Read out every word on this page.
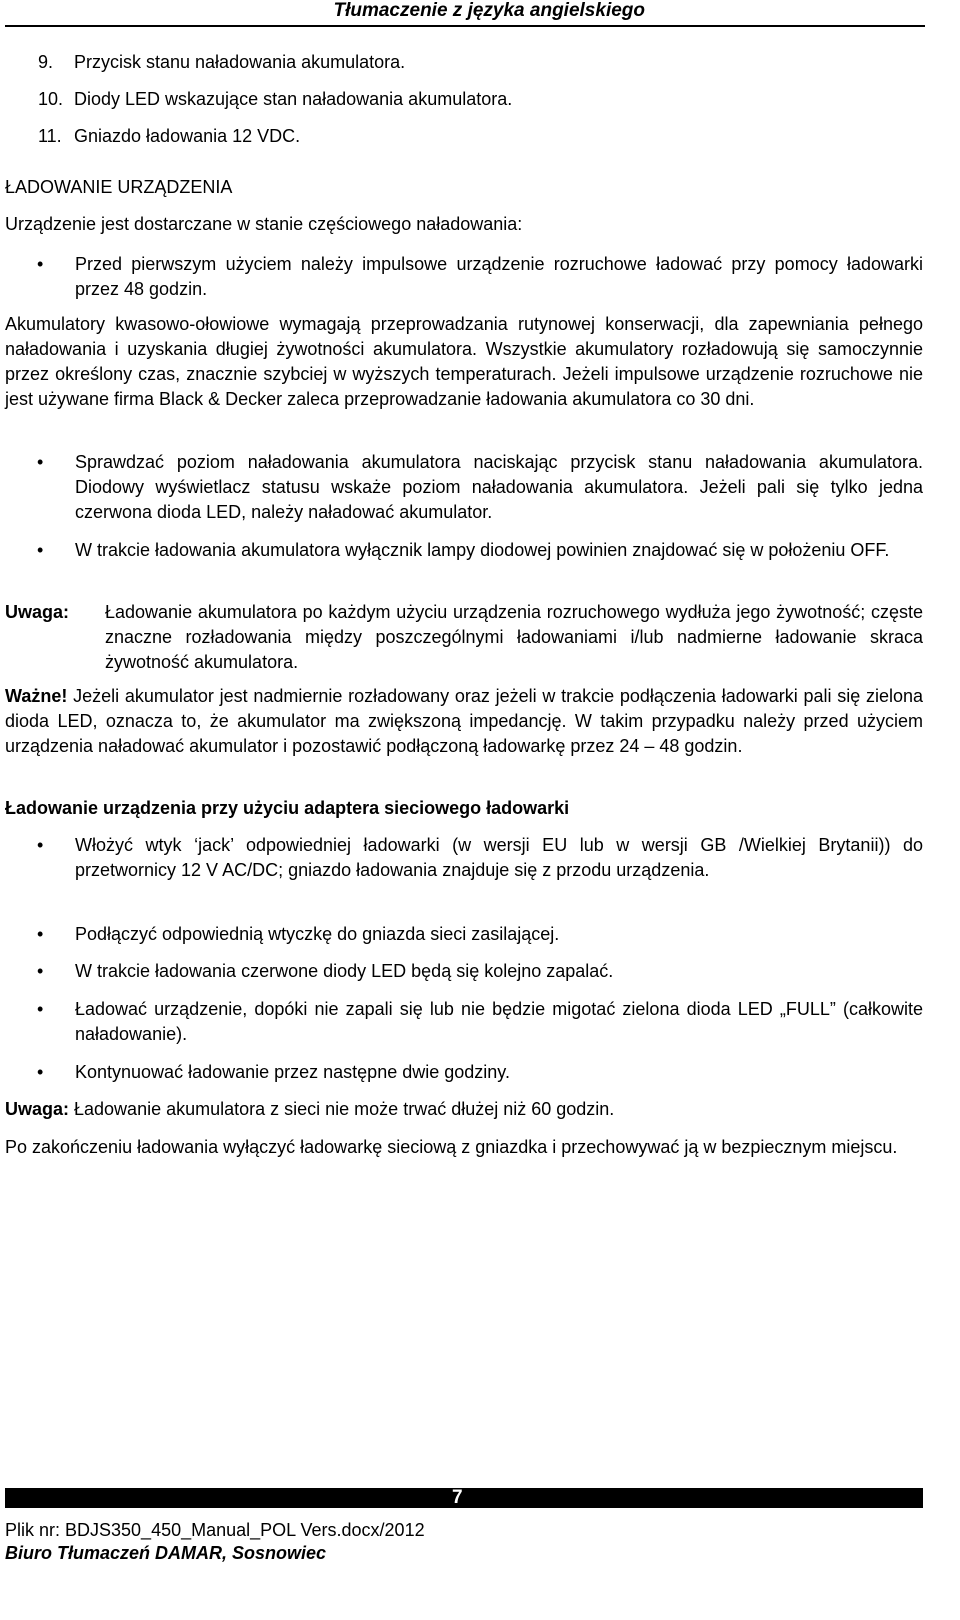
Tłumaczenie z języka angielskiego
9. Przycisk stanu naładowania akumulatora.
10. Diody LED wskazujące stan naładowania akumulatora.
11. Gniazdo ładowania 12 VDC.
ŁADOWANIE URZĄDZENIA
Urządzenie jest dostarczane w stanie częściowego naładowania:
• Przed pierwszym użyciem należy impulsowe urządzenie rozruchowe ładować przy pomocy ładowarki przez 48 godzin.
Akumulatory kwasowo-ołowiowe wymagają przeprowadzania rutynowej konserwacji, dla zapewniania pełnego naładowania i uzyskania długiej żywotności akumulatora. Wszystkie akumulatory rozładowują się samoczynnie przez określony czas, znacznie szybciej w wyższych temperaturach. Jeżeli impulsowe urządzenie rozruchowe nie jest używane firma Black & Decker zaleca przeprowadzanie ładowania akumulatora co 30 dni.
• Sprawdzać poziom naładowania akumulatora naciskając przycisk stanu naładowania akumulatora. Diodowy wyświetlacz statusu wskaże poziom naładowania akumulatora. Jeżeli pali się tylko jedna czerwona dioda LED, należy naładować akumulator.
• W trakcie ładowania akumulatora wyłącznik lampy diodowej powinien znajdować się w położeniu OFF.
Uwaga: Ładowanie akumulatora po każdym użyciu urządzenia rozruchowego wydłuża jego żywotność; częste znaczne rozładowania między poszczególnymi ładowaniami i/lub nadmierne ładowanie skraca żywotność akumulatora.
Ważne! Jeżeli akumulator jest nadmiernie rozładowany oraz jeżeli w trakcie podłączenia ładowarki pali się zielona dioda LED, oznacza to, że akumulator ma zwiększoną impedancję. W takim przypadku należy przed użyciem urządzenia naładować akumulator i pozostawić podłączoną ładowarkę przez 24 – 48 godzin.
Ładowanie urządzenia przy użyciu adaptera sieciowego ładowarki
• Włożyć wtyk ‘jack’ odpowiedniej ładowarki (w wersji EU lub w wersji GB /Wielkiej Brytanii)) do przetwornicy 12 V AC/DC; gniazdo ładowania znajduje się z przodu urządzenia.
• Podłączyć odpowiednią wtyczkę do gniazda sieci zasilającej.
• W trakcie ładowania czerwone diody LED będą się kolejno zapalać.
• Ładować urządzenie, dopóki nie zapali się lub nie będzie migotać zielona dioda LED „FULL” (całkowite naładowanie).
• Kontynuować ładowanie przez następne dwie godziny.
Uwaga: Ładowanie akumulatora z sieci nie może trwać dłużej niż 60 godzin.
Po zakończeniu ładowania wyłączyć ładowarkę sieciową z gniazdka i przechowywać ją w bezpiecznym miejscu.
7
Plik nr: BDJS350_450_Manual_POL Vers.docx/2012
Biuro Tłumaczeń DAMAR, Sosnowiec
